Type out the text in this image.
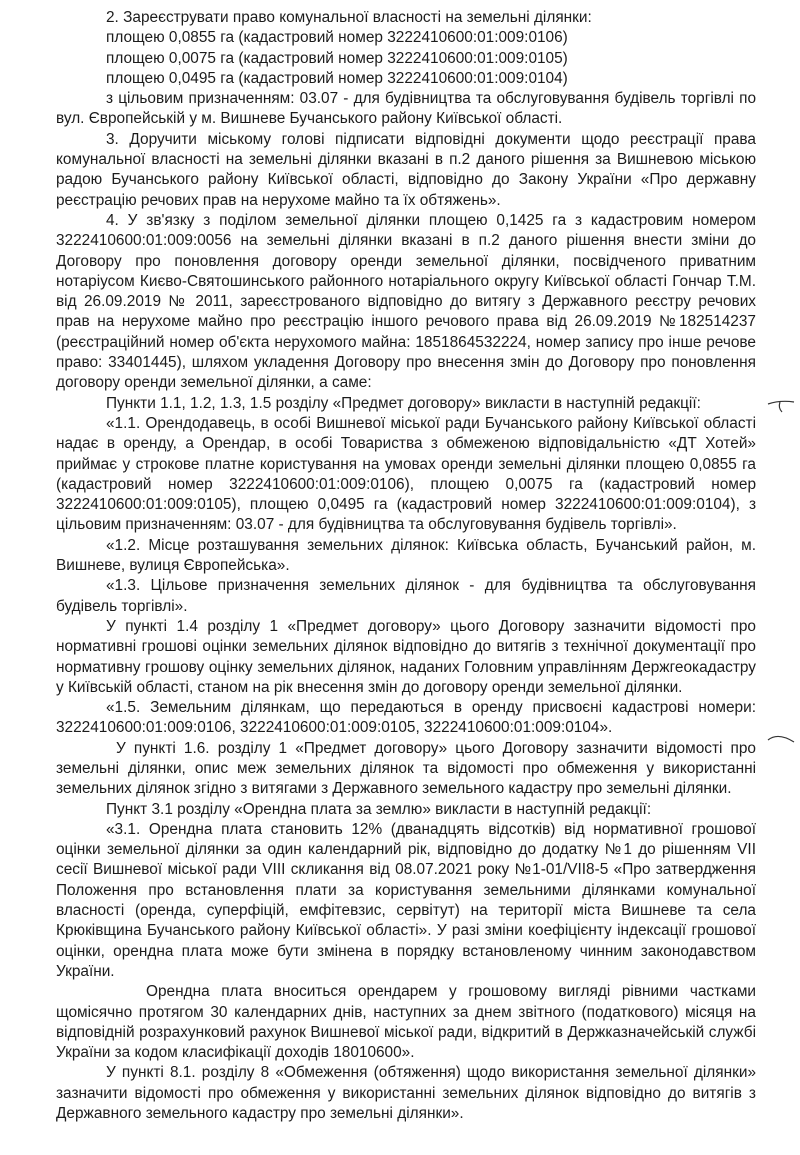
2. Зареєструвати право комунальної власності на земельні ділянки:

площею 0,0855 га (кадастровий номер 3222410600:01:009:0106)

площею 0,0075 га (кадастровий номер 3222410600:01:009:0105)

площею 0,0495 га (кадастровий номер 3222410600:01:009:0104)

з цільовим призначенням: 03.07 - для будівництва та обслуговування будівель торгівлі по вул. Європейській у м. Вишневе Бучанського району Київської області.

3. Доручити міському голові підписати відповідні документи щодо реєстрації права комунальної власності на земельні ділянки вказані в п.2 даного рішення за Вишневою міською радою Бучанського району Київської області, відповідно до Закону України «Про державну реєстрацію речових прав на нерухоме майно та їх обтяжень».

4. У зв'язку з поділом земельної ділянки площею 0,1425 га з кадастровим номером 3222410600:01:009:0056 на земельні ділянки вказані в п.2 даного рішення внести зміни до Договору про поновлення договору оренди земельної ділянки, посвідченого приватним нотаріусом Києво-Святошинського районного нотаріального округу Київської області Гончар Т.М. від 26.09.2019 № 2011, зареєстрованого відповідно до витягу з Державного реєстру речових прав на нерухоме майно про реєстрацію іншого речового права від 26.09.2019 №182514237 (реєстраційний номер об'єкта нерухомого майна: 1851864532224, номер запису про інше речове право: 33401445), шляхом укладення Договору про внесення змін до Договору про поновлення договору оренди земельної ділянки, а саме:

Пункти 1.1, 1.2, 1.3, 1.5 розділу «Предмет договору» викласти в наступній редакції:

«1.1. Орендодавець, в особі Вишневої міської ради Бучанського району Київської області надає в оренду, а Орендар, в особі Товариства з обмеженою відповідальністю «ДТ Хотей» приймає у строкове платне користування на умовах оренди земельні ділянки площею 0,0855 га (кадастровий номер 3222410600:01:009:0106), площею 0,0075 га (кадастровий номер 3222410600:01:009:0105), площею 0,0495 га (кадастровий номер 3222410600:01:009:0104), з цільовим призначенням: 03.07 - для будівництва та обслуговування будівель торгівлі».

«1.2. Місце розташування земельних ділянок: Київська область, Бучанський район, м. Вишневе, вулиця Європейська».

«1.3. Цільове призначення земельних ділянок - для будівництва та обслуговування будівель торгівлі».

У пункті 1.4 розділу 1 «Предмет договору» цього Договору зазначити відомості про нормативні грошові оцінки земельних ділянок відповідно до витягів з технічної документації про нормативну грошову оцінку земельних ділянок, наданих Головним управлінням Держгеокадастру у Київській області, станом на рік внесення змін до договору оренди земельної ділянки.

«1.5. Земельним ділянкам, що передаються в оренду присвоєні кадастрові номери: 3222410600:01:009:0106, 3222410600:01:009:0105, 3222410600:01:009:0104».

У пункті 1.6. розділу 1 «Предмет договору» цього Договору зазначити відомості про земельні ділянки, опис меж земельних ділянок та відомості про обмеження у використанні земельних ділянок згідно з витягами з Державного земельного кадастру про земельні ділянки.

Пункт 3.1 розділу «Орендна плата за землю» викласти в наступній редакції:

«3.1. Орендна плата становить 12% (дванадцять відсотків) від нормативної грошової оцінки земельної ділянки за один календарний рік, відповідно до додатку №1 до рішенням VII сесії Вишневої міської ради VIII скликання від 08.07.2021 року №1-01/VII8-5 «Про затвердження Положення про встановлення плати за користування земельними ділянками комунальної власності (оренда, суперфіцій, емфітевзис, сервітут) на території міста Вишневе та села Крюківщина Бучанського району Київської області». У разі зміни коефіцієнту індексації грошової оцінки, орендна плата може бути змінена в порядку встановленому чинним законодавством України.

Орендна плата вноситься орендарем у грошовому вигляді рівними частками щомісячно протягом 30 календарних днів, наступних за днем звітного (податкового) місяця на відповідній розрахунковий рахунок Вишневої міської ради, відкритий в Держказначейській службі України за кодом класифікації доходів 18010600».

У пункті 8.1. розділу 8 «Обмеження (обтяження) щодо використання земельної ділянки» зазначити відомості про обмеження у використанні земельних ділянок відповідно до витягів з Державного земельного кадастру про земельні ділянки».
